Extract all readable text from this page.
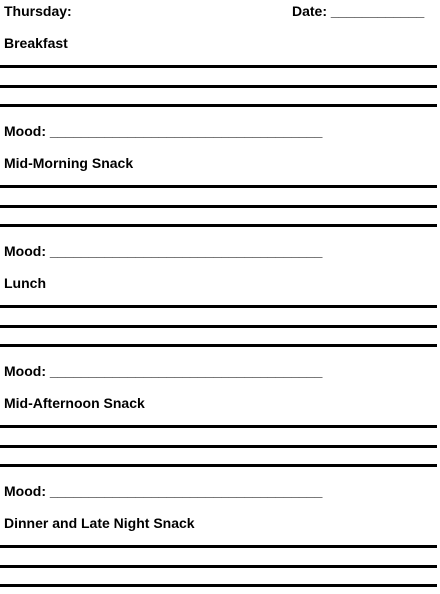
Thursday:	Date: ____________
Breakfast
Mood: ___________________________________
Mid-Morning Snack
Mood: ___________________________________
Lunch
Mood: ___________________________________
Mid-Afternoon Snack
Mood: ___________________________________
Dinner and Late Night Snack
